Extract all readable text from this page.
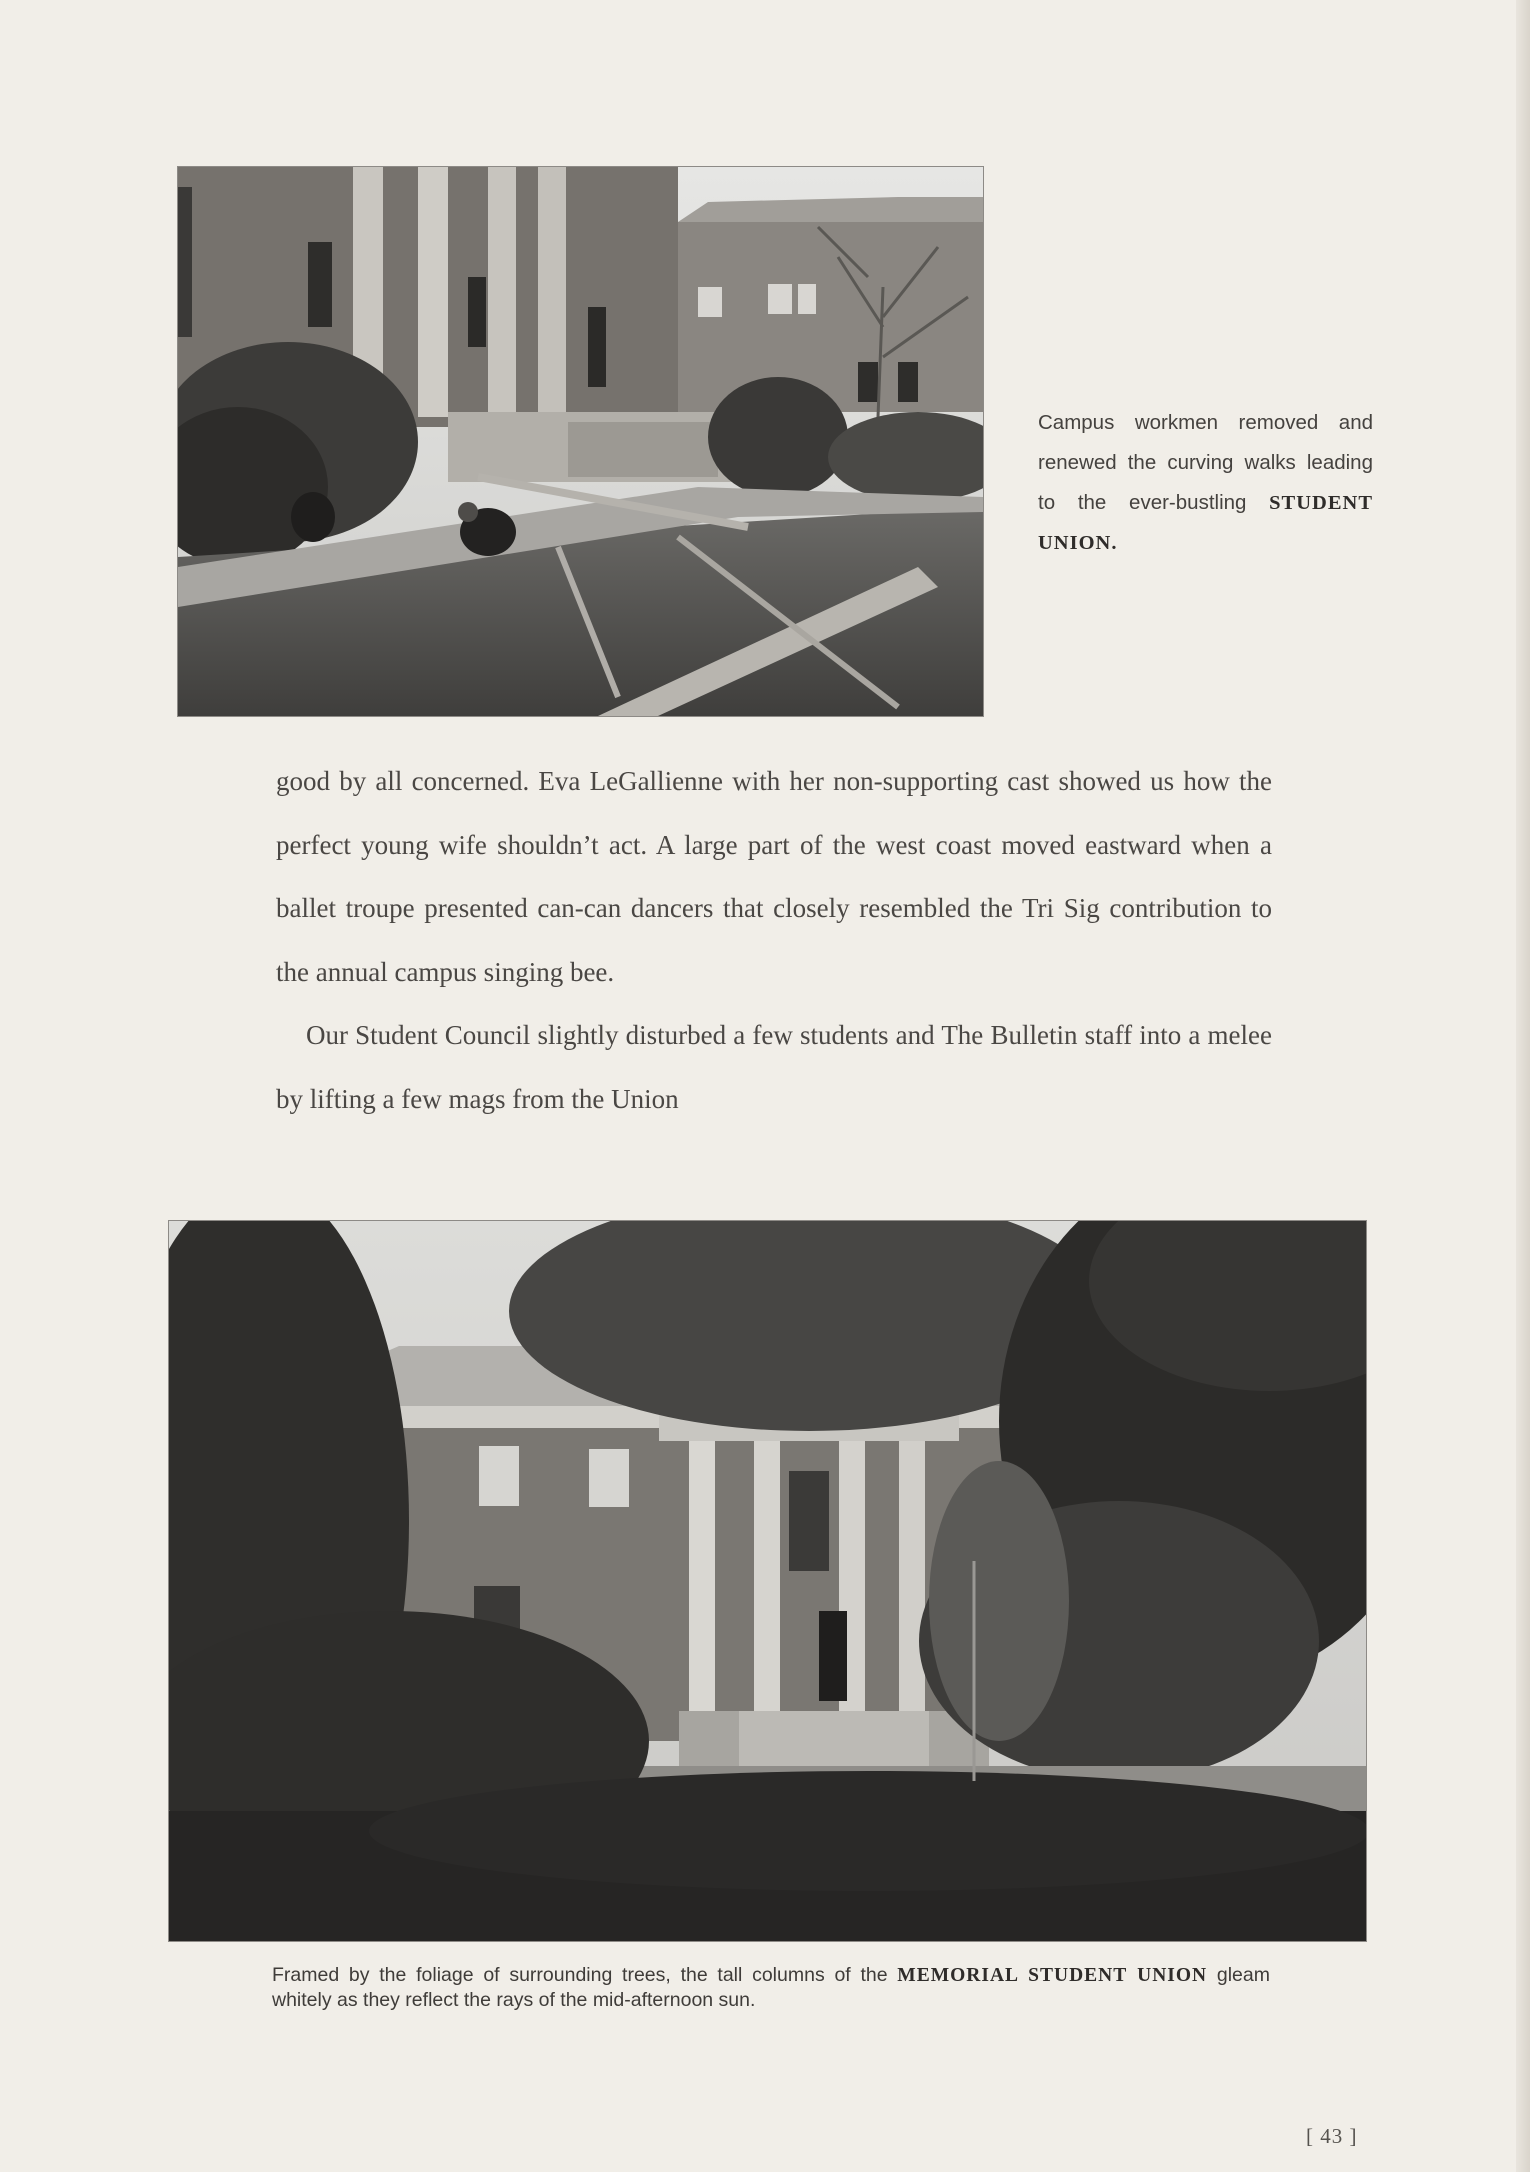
Campus workmen removed and renewed the curving walks leading to the ever-bustling STUDENT UNION.

good by all concerned. Eva LeGallienne with her non-supporting cast showed us how the perfect young wife shouldn’t act. A large part of the west coast moved eastward when a ballet troupe presented can-can dancers that closely resembled the Tri Sig contribution to the annual campus singing bee.

Our Student Council slightly disturbed a few students and The Bulletin staff into a melee by lifting a few mags from the Union

Framed by the foliage of surrounding trees, the tall columns of the MEMORIAL STUDENT UNION gleam whitely as they reflect the rays of the mid-afternoon sun.
[ 43 ]
